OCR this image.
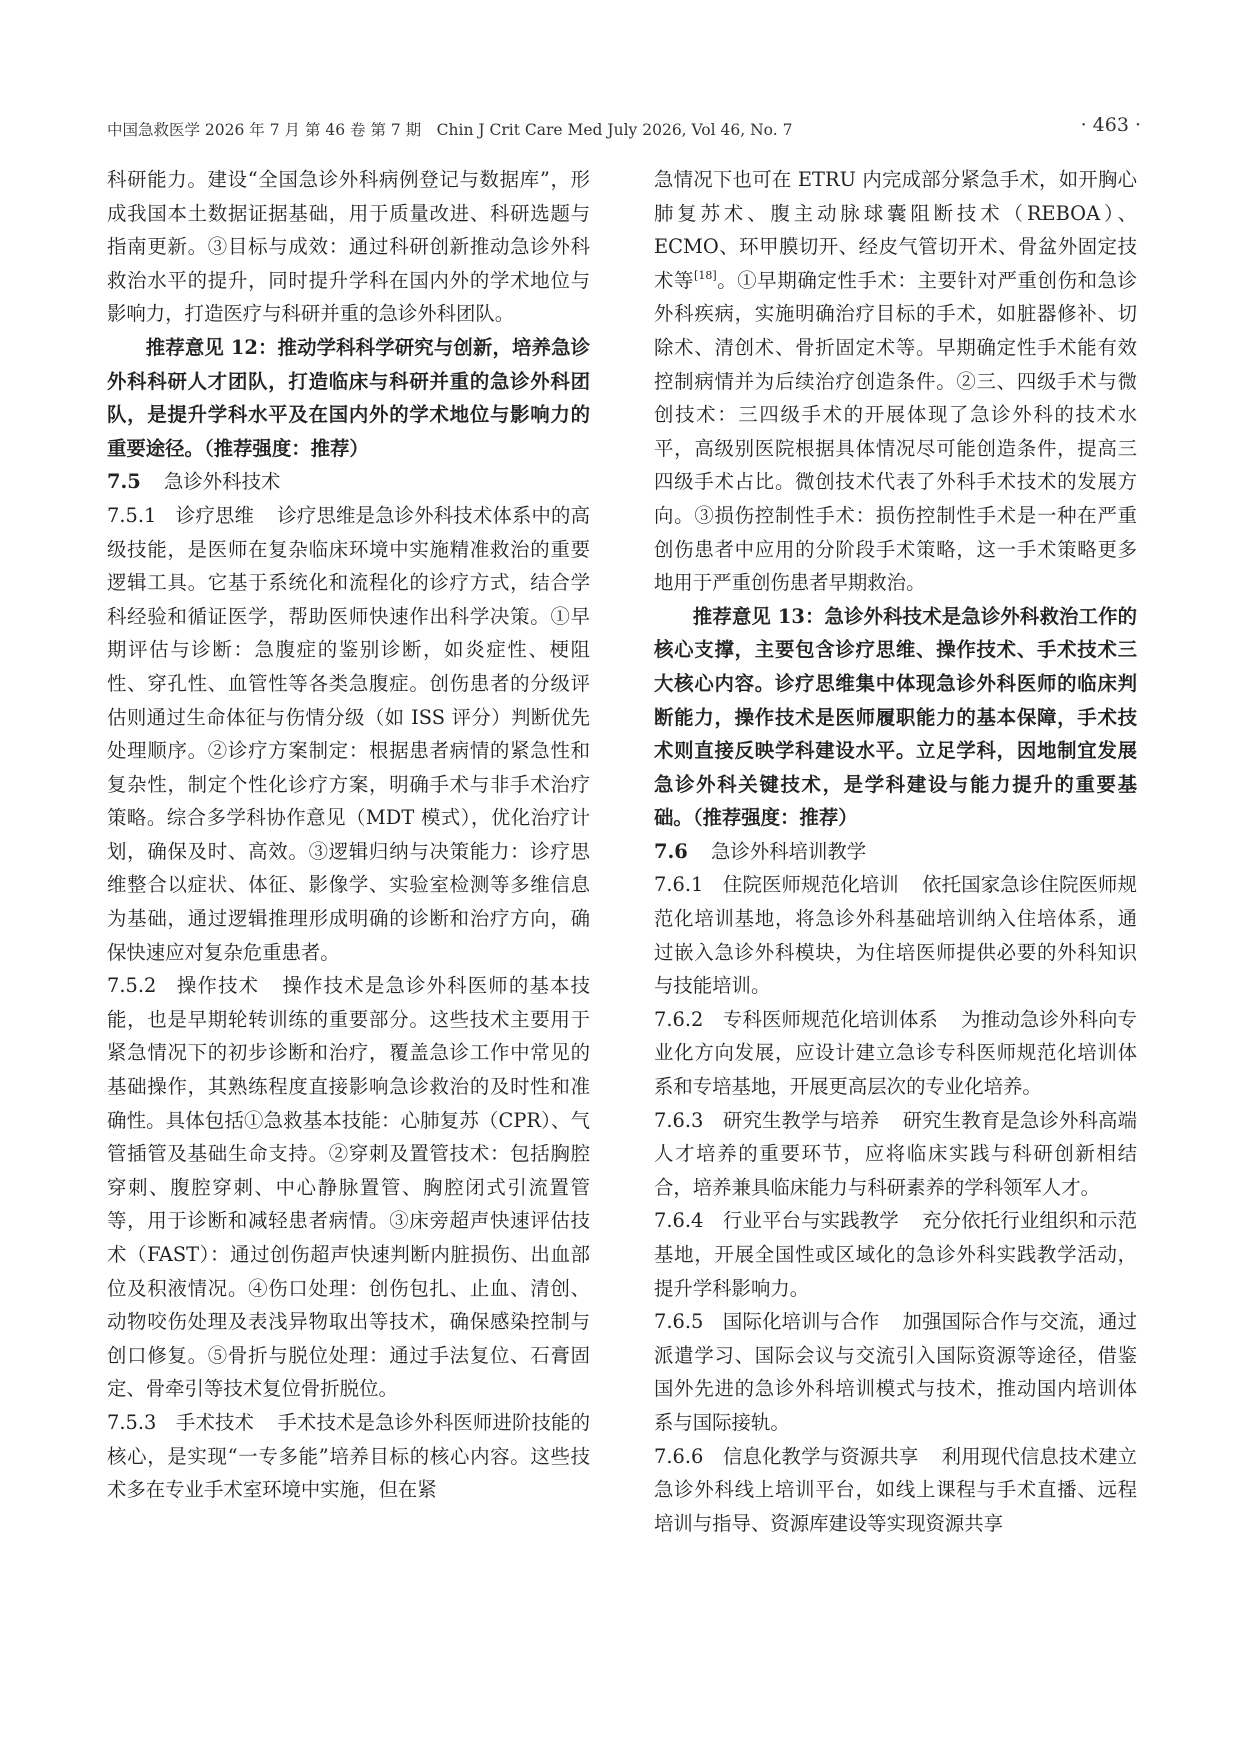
中国急救医学 2026 年 7 月 第 46 卷 第 7 期　Chin J Crit Care Med July 2026, Vol 46, No. 7	· 463 ·

科研能力。建设“全国急诊外科病例登记与数据库”，形成我国本土数据证据基础，用于质量改进、科研选题与指南更新。③目标与成效：通过科研创新推动急诊外科救治水平的提升，同时提升学科在国内外的学术地位与影响力，打造医疗与科研并重的急诊外科团队。

推荐意见 12：推动学科科学研究与创新，培养急诊外科科研人才团队，打造临床与科研并重的急诊外科团队，是提升学科水平及在国内外的学术地位与影响力的重要途径。（推荐强度：推荐）

7.5 急诊外科技术

7.5.1 诊疗思维 诊疗思维是急诊外科技术体系中的高级技能，是医师在复杂临床环境中实施精准救治的重要逻辑工具。它基于系统化和流程化的诊疗方式，结合学科经验和循证医学，帮助医师快速作出科学决策。①早期评估与诊断：急腹症的鉴别诊断，如炎症性、梗阻性、穿孔性、血管性等各类急腹症。创伤患者的分级评估则通过生命体征与伤情分级（如 ISS 评分）判断优先处理顺序。②诊疗方案制定：根据患者病情的紧急性和复杂性，制定个性化诊疗方案，明确手术与非手术治疗策略。综合多学科协作意见（MDT 模式），优化治疗计划，确保及时、高效。③逻辑归纳与决策能力：诊疗思维整合以症状、体征、影像学、实验室检测等多维信息为基础，通过逻辑推理形成明确的诊断和治疗方向，确保快速应对复杂危重患者。

7.5.2 操作技术 操作技术是急诊外科医师的基本技能，也是早期轮转训练的重要部分。这些技术主要用于紧急情况下的初步诊断和治疗，覆盖急诊工作中常见的基础操作，其熟练程度直接影响急诊救治的及时性和准确性。具体包括①急救基本技能：心肺复苏（CPR）、气管插管及基础生命支持。②穿刺及置管技术：包括胸腔穿刺、腹腔穿刺、中心静脉置管、胸腔闭式引流置管等，用于诊断和减轻患者病情。③床旁超声快速评估技术（FAST）：通过创伤超声快速判断内脏损伤、出血部位及积液情况。④伤口处理：创伤包扎、止血、清创、动物咬伤处理及表浅异物取出等技术，确保感染控制与创口修复。⑤骨折与脱位处理：通过手法复位、石膏固定、骨牵引等技术复位骨折脱位。

7.5.3 手术技术 手术技术是急诊外科医师进阶技能的核心，是实现“一专多能”培养目标的核心内容。这些技术多在专业手术室环境中实施，但在紧

急情况下也可在 ETRU 内完成部分紧急手术，如开胸心肺复苏术、腹主动脉球囊阻断技术（REBOA）、ECMO、环甲膜切开、经皮气管切开术、骨盆外固定技术等[18]。①早期确定性手术：主要针对严重创伤和急诊外科疾病，实施明确治疗目标的手术，如脏器修补、切除术、清创术、骨折固定术等。早期确定性手术能有效控制病情并为后续治疗创造条件。②三、四级手术与微创技术：三四级手术的开展体现了急诊外科的技术水平，高级别医院根据具体情况尽可能创造条件，提高三四级手术占比。微创技术代表了外科手术技术的发展方向。③损伤控制性手术：损伤控制性手术是一种在严重创伤患者中应用的分阶段手术策略，这一手术策略更多地用于严重创伤患者早期救治。

推荐意见 13：急诊外科技术是急诊外科救治工作的核心支撑，主要包含诊疗思维、操作技术、手术技术三大核心内容。诊疗思维集中体现急诊外科医师的临床判断能力，操作技术是医师履职能力的基本保障，手术技术则直接反映学科建设水平。立足学科，因地制宜发展急诊外科关键技术，是学科建设与能力提升的重要基础。（推荐强度：推荐）

7.6 急诊外科培训教学

7.6.1 住院医师规范化培训 依托国家急诊住院医师规范化培训基地，将急诊外科基础培训纳入住培体系，通过嵌入急诊外科模块，为住培医师提供必要的外科知识与技能培训。

7.6.2 专科医师规范化培训体系 为推动急诊外科向专业化方向发展，应设计建立急诊专科医师规范化培训体系和专培基地，开展更高层次的专业化培养。

7.6.3 研究生教学与培养 研究生教育是急诊外科高端人才培养的重要环节，应将临床实践与科研创新相结合，培养兼具临床能力与科研素养的学科领军人才。

7.6.4 行业平台与实践教学 充分依托行业组织和示范基地，开展全国性或区域化的急诊外科实践教学活动，提升学科影响力。

7.6.5 国际化培训与合作 加强国际合作与交流，通过派遣学习、国际会议与交流引入国际资源等途径，借鉴国外先进的急诊外科培训模式与技术，推动国内培训体系与国际接轨。

7.6.6 信息化教学与资源共享 利用现代信息技术建立急诊外科线上培训平台，如线上课程与手术直播、远程培训与指导、资源库建设等实现资源共享
